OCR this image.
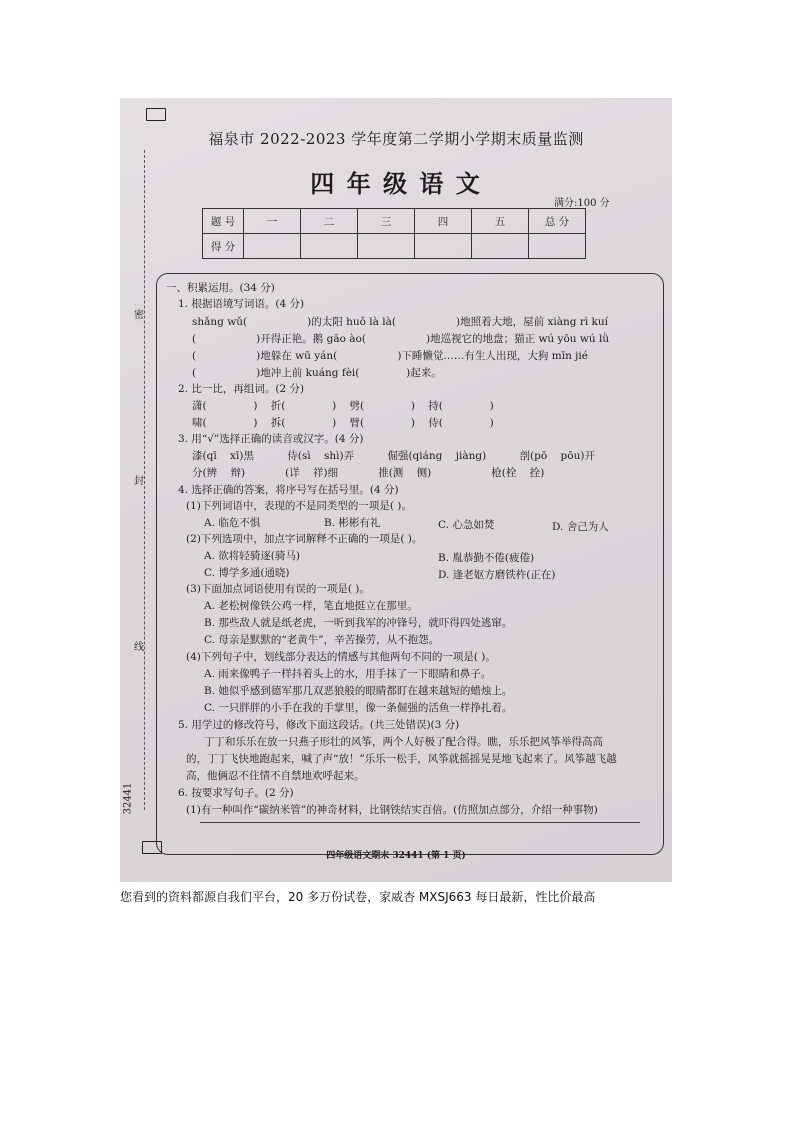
密
封
线
32441
福泉市 2022-2023 学年度第二学期小学期末质量监测
四 年 级 语 文
满分:100 分
题 号	一	二	三	四	五	总 分
得 分						
一、积累运用。(34 分)
1. 根据语境写词语。(4 分)
shǎng wǔ(                  )的太阳 huǒ là là(                  )地照着大地，屋前 xiàng rì kuí
(                  )开得正艳。鹅 gāo ào(                  )地巡视它的地盘；猫正 wú yōu wú lǜ
(                  )地躲在 wū yán(                  )下睡懒觉……有生人出现，大狗 mīn jié
(                  )地冲上前 kuáng fèi(              )起来。
2. 比一比，再组词。(2 分)
潇(              )    折(              )    劈(              )    持(              )
啸(              )    拆(              )    臂(              )    侍(              )
3. 用“√”选择正确的读音或汉字。(4 分)
漆(qī    xī)黑          侍(sì    shì)弄          倔强(qiáng    jiàng)          剖(pō    pōu)开
分(辨    辩)            (详    祥)细            推(测    侧)                  枪(栓    拴)
4. 选择正确的答案，将序号写在括号里。(4 分)
(1)下列词语中，表现的不是同类型的一项是( )。
A. 临危不惧	B. 彬彬有礼	C. 心急如焚	D. 舍己为人
(2)下列选项中，加点字词解释不正确的一项是( )。
A. 欲将轻骑逐(骑马)	B. 胤恭勤不倦(疲倦)
C. 博学多通(通晓)	D. 逢老妪方磨铁杵(正在)
(3)下面加点词语使用有误的一项是( )。
A. 老松树像铁公鸡一样，笔直地挺立在那里。
B. 那些敌人就是纸老虎，一听到我军的冲锋号，就吓得四处逃窜。
C. 母亲是默默的“老黄牛”，辛苦操劳，从不抱怨。
(4)下列句子中，划线部分表达的情感与其他两句不同的一项是( )。
A. 雨来像鸭子一样抖着头上的水，用手抹了一下眼睛和鼻子。
B. 她似乎感到德军那几双恶狼般的眼睛都盯在越来越短的蜡烛上。
C. 一只胖胖的小手在我的手掌里，像一条倔强的活鱼一样挣扎着。
5. 用学过的修改符号，修改下面这段话。(共三处错误)(3 分)
丁丁和乐乐在放一只燕子形壮的风筝，两个人好极了配合得。瞧，乐乐把风筝举得高高
的，丁丁飞快地跑起来，喊了声“放！”乐乐一松手，风筝就摇摇晃晃地飞起来了。风筝越飞越
高，他俩忍不住情不自禁地欢呼起来。
6. 按要求写句子。(2 分)
(1)有一种叫作“碳纳米管”的神奇材料，比钢铁结实百倍。(仿照加点部分，介绍一种事物)
四年级语文期末 32441 (第 1 页)
您看到的资料都源自我们平台，20 多万份试卷，家威杏 MXSJ663 每日最新，性比价最高
